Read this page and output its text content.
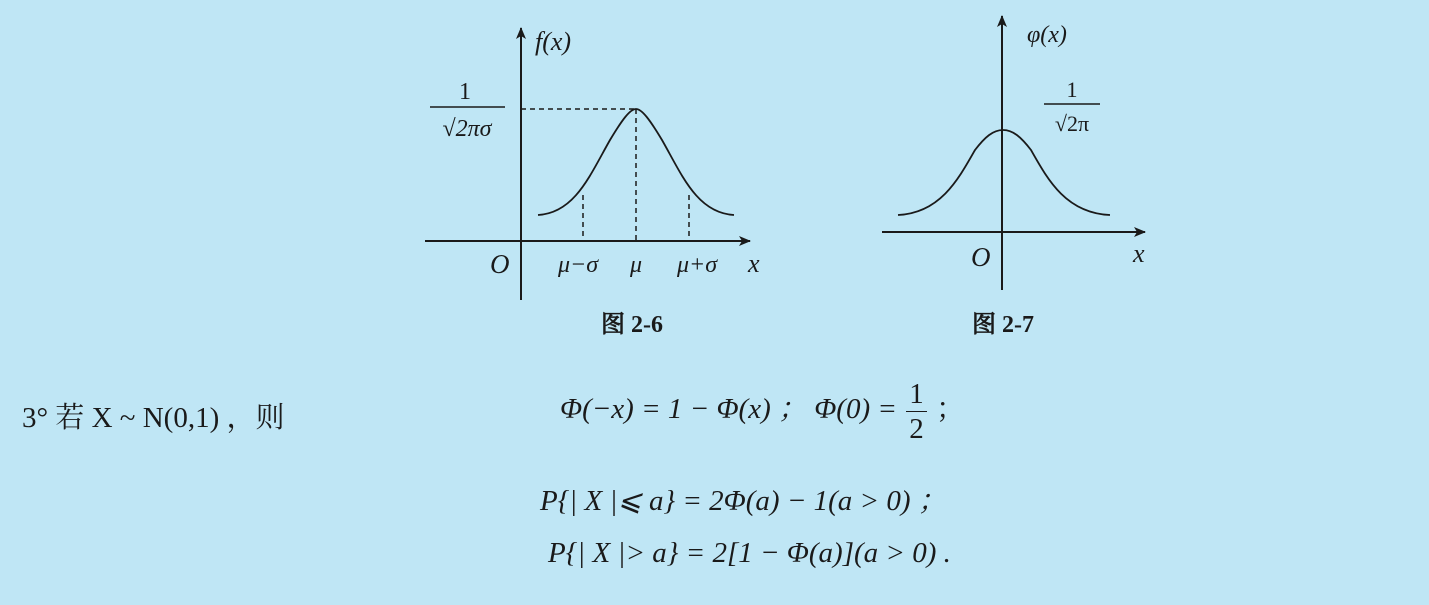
f(x)
1
√2πσ
O μ−σ μ μ+σ x
图 2-6
φ(x)
1
√2π
O	x
图 2-7
3° 若 X ~ N(0,1) ，则	Φ(−x) = 1 − Φ(x) ； $\Phi(0) = \frac{1}{2}$ ；
P{| X |⩽ a} = 2Φ(a) − 1(a > 0) ；
P{| X |> a} = 2[1 − Φ(a)](a > 0) .
